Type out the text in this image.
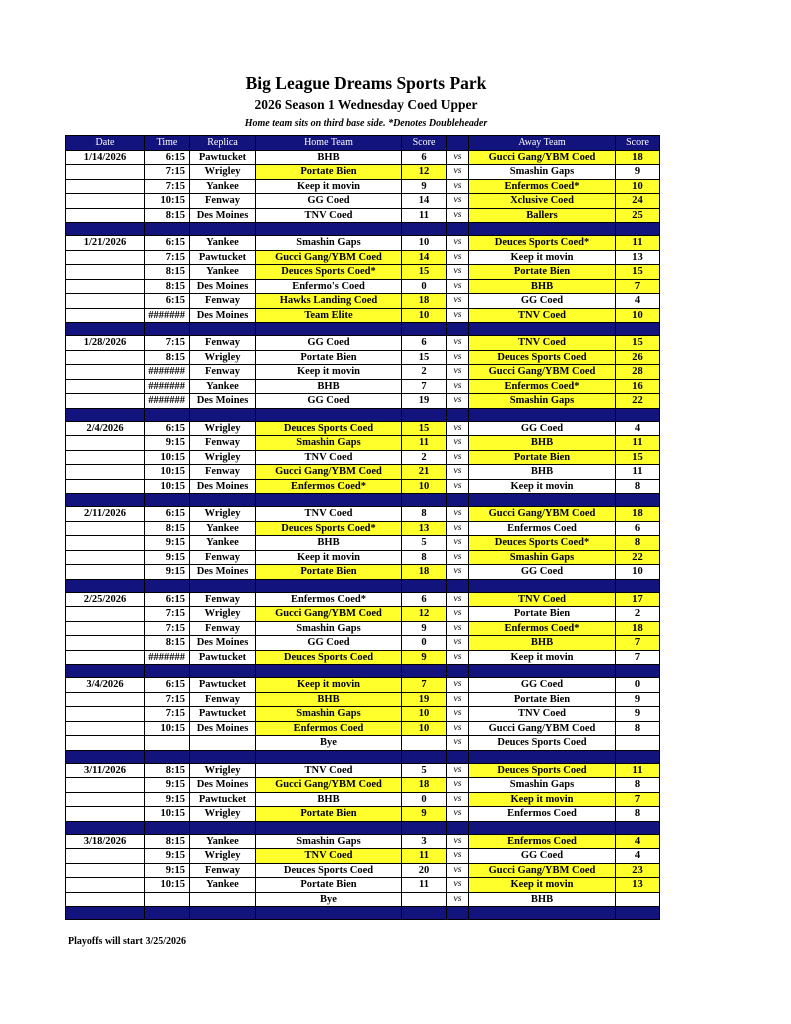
Big League Dreams Sports Park
2026 Season 1 Wednesday Coed Upper
Home team sits on third base side. *Denotes Doubleheader
Date	Time	Replica	Home Team	Score		Away Team	Score
1/14/2026	6:15	Pawtucket	BHB	6	vs	Gucci Gang/YBM Coed	18
	7:15	Wrigley	Portate Bien	12	vs	Smashin Gaps	9
	7:15	Yankee	Keep it movin	9	vs	Enfermos Coed*	10
	10:15	Fenway	GG Coed	14	vs	Xclusive Coed	24
	8:15	Des Moines	TNV Coed	11	vs	Ballers	25

1/21/2026	6:15	Yankee	Smashin Gaps	10	vs	Deuces Sports Coed*	11
	7:15	Pawtucket	Gucci Gang/YBM Coed	14	vs	Keep it movin	13
	8:15	Yankee	Deuces Sports Coed*	15	vs	Portate Bien	15
	8:15	Des Moines	Enfermo's Coed	0	vs	BHB	7
	6:15	Fenway	Hawks Landing Coed	18	vs	GG Coed	4
	#######	Des Moines	Team Elite	10	vs	TNV Coed	10

1/28/2026	7:15	Fenway	GG Coed	6	vs	TNV Coed	15
	8:15	Wrigley	Portate Bien	15	vs	Deuces Sports Coed	26
	#######	Fenway	Keep it movin	2	vs	Gucci Gang/YBM Coed	28
	#######	Yankee	BHB	7	vs	Enfermos Coed*	16
	#######	Des Moines	GG Coed	19	vs	Smashin Gaps	22

2/4/2026	6:15	Wrigley	Deuces Sports Coed	15	vs	GG Coed	4
	9:15	Fenway	Smashin Gaps	11	vs	BHB	11
	10:15	Wrigley	TNV Coed	2	vs	Portate Bien	15
	10:15	Fenway	Gucci Gang/YBM Coed	21	vs	BHB	11
	10:15	Des Moines	Enfermos Coed*	10	vs	Keep it movin	8

2/11/2026	6:15	Wrigley	TNV Coed	8	vs	Gucci Gang/YBM Coed	18
	8:15	Yankee	Deuces Sports Coed*	13	vs	Enfermos Coed	6
	9:15	Yankee	BHB	5	vs	Deuces Sports Coed*	8
	9:15	Fenway	Keep it movin	8	vs	Smashin Gaps	22
	9:15	Des Moines	Portate Bien	18	vs	GG Coed	10

2/25/2026	6:15	Fenway	Enfermos Coed*	6	vs	TNV Coed	17
	7:15	Wrigley	Gucci Gang/YBM Coed	12	vs	Portate Bien	2
	7:15	Fenway	Smashin Gaps	9	vs	Enfermos Coed*	18
	8:15	Des Moines	GG Coed	0	vs	BHB	7
	#######	Pawtucket	Deuces Sports Coed	9	vs	Keep it movin	7

3/4/2026	6:15	Pawtucket	Keep it movin	7	vs	GG Coed	0
	7:15	Fenway	BHB	19	vs	Portate Bien	9
	7:15	Pawtucket	Smashin Gaps	10	vs	TNV Coed	9
	10:15	Des Moines	Enfermos Coed	10	vs	Gucci Gang/YBM Coed	8
			Bye		vs	Deuces Sports Coed	

3/11/2026	8:15	Wrigley	TNV Coed	5	vs	Deuces Sports Coed	11
	9:15	Des Moines	Gucci Gang/YBM Coed	18	vs	Smashin Gaps	8
	9:15	Pawtucket	BHB	0	vs	Keep it movin	7
	10:15	Wrigley	Portate Bien	9	vs	Enfermos Coed	8

3/18/2026	8:15	Yankee	Smashin Gaps	3	vs	Enfermos Coed	4
	9:15	Wrigley	TNV Coed	11	vs	GG Coed	4
	9:15	Fenway	Deuces Sports Coed	20	vs	Gucci Gang/YBM Coed	23
	10:15	Yankee	Portate Bien	11	vs	Keep it movin	13
			Bye		vs	BHB	

Playoffs will start 3/25/2026
